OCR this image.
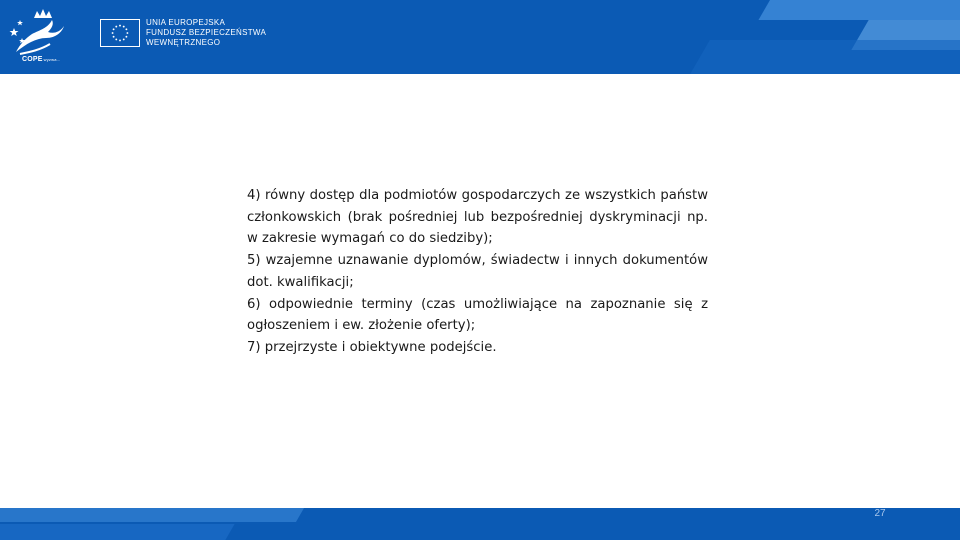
COPEwyzwa...
UNIA EUROPEJSKA
FUNDUSZ BEZPIECZEŃSTWA
WEWNĘTRZNEGO

4) równy dostęp dla podmiotów gospodarczych ze wszystkich państw członkowskich (brak pośredniej lub bezpośredniej dyskryminacji np. w zakresie wymagań co do siedziby);

5) wzajemne uznawanie dyplomów, świadectw i innych dokumentów dot. kwalifikacji;

6) odpowiednie terminy (czas umożliwiające na zapoznanie się z ogłoszeniem i ew. złożenie oferty);

7) przejrzyste i obiektywne podejście.

27
